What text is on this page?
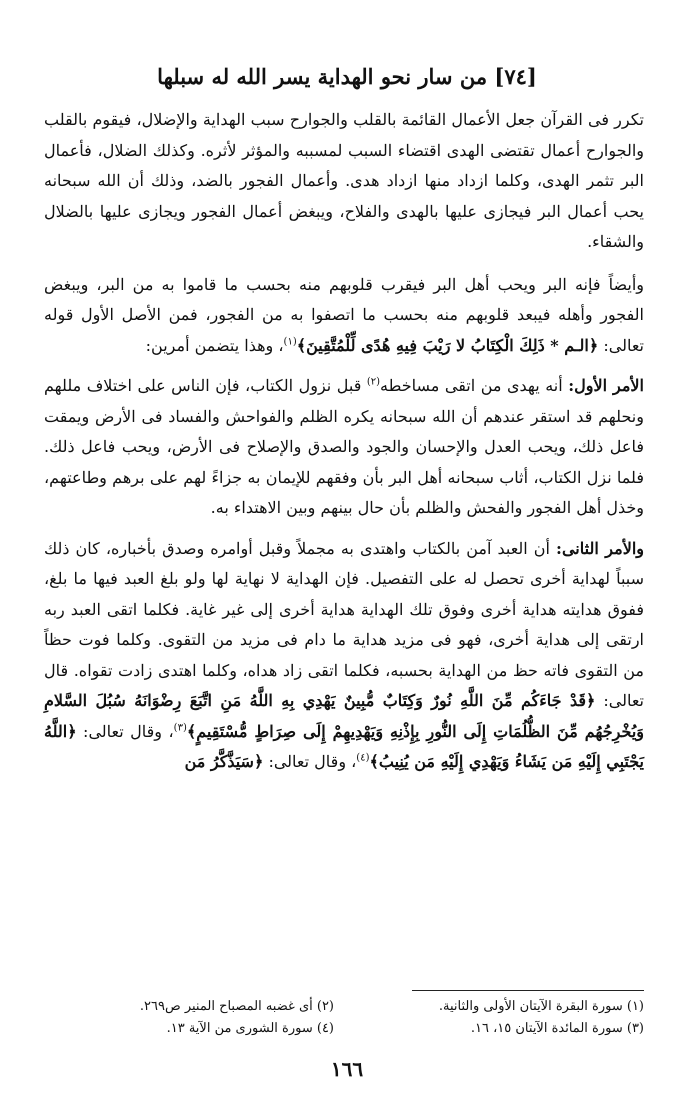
[٧٤] من سار نحو الهداية يسر الله له سبلها

تكرر فى القرآن جعل الأعمال القائمة بالقلب والجوارح سبب الهداية والإضلال، فيقوم بالقلب والجوارح أعمال تقتضى الهدى اقتضاء السبب لمسببه والمؤثر لأثره. وكذلك الضلال، فأعمال البر تثمر الهدى، وكلما ازداد منها ازداد هدى. وأعمال الفجور بالضد، وذلك أن الله سبحانه يحب أعمال البر فيجازى عليها بالهدى والفلاح، ويبغض أعمال الفجور ويجازى عليها بالضلال والشقاء.

وأيضاً فإنه البر ويحب أهل البر فيقرب قلوبهم منه بحسب ما قاموا به من البر، ويبغض الفجور وأهله فيبعد قلوبهم منه بحسب ما اتصفوا به من الفجور، فمن الأصل الأول قوله تعالى: ﴿الـم * ذَلِكَ الْكِتَابُ لا رَيْبَ فِيهِ هُدًى لِّلْمُتَّقِينَ﴾$^{(١)}$، وهذا يتضمن أمرين:

الأمر الأول: أنه يهدى من اتقى مساخطه$^{(٢)}$ قبل نزول الكتاب، فإن الناس على اختلاف مللهم ونحلهم قد استقر عندهم أن الله سبحانه يكره الظلم والفواحش والفساد فى الأرض ويمقت فاعل ذلك، ويحب العدل والإحسان والجود والصدق والإصلاح فى الأرض، ويحب فاعل ذلك. فلما نزل الكتاب، أثاب سبحانه أهل البر بأن وفقهم للإيمان به جزاءً لهم على برهم وطاعتهم، وخذل أهل الفجور والفحش والظلم بأن حال بينهم وبين الاهتداء به.

والأمر الثانى: أن العبد آمن بالكتاب واهتدى به مجملاً وقبل أوامره وصدق بأخباره، كان ذلك سبباً لهداية أخرى تحصل له على التفصيل. فإن الهداية لا نهاية لها ولو بلغ العبد فيها ما بلغ، ففوق هدايته هداية أخرى وفوق تلك الهداية هداية أخرى إلى غير غاية. فكلما اتقى العبد ربه ارتقى إلى هداية أخرى، فهو فى مزيد هداية ما دام فى مزيد من التقوى. وكلما فوت حظاً من التقوى فاته حظ من الهداية بحسبه، فكلما اتقى زاد هداه، وكلما اهتدى زادت تقواه. قال تعالى: ﴿قَدْ جَاءَكُم مِّنَ اللَّهِ نُورٌ وَكِتَابٌ مُّبِينٌ يَهْدِي بِهِ اللَّهُ مَنِ اتَّبَعَ رِضْوَانَهُ سُبُلَ السَّلامِ وَيُخْرِجُهُم مِّنَ الظُّلُمَاتِ إِلَى النُّورِ بِإِذْنِهِ وَيَهْدِيهِمْ إِلَى صِرَاطٍ مُّسْتَقِيمٍ﴾$^{(٣)}$، وقال تعالى: ﴿اللَّهُ يَجْتَبِي إِلَيْهِ مَن يَشَاءُ وَيَهْدِي إِلَيْهِ مَن يُنِيبُ﴾$^{(٤)}$، وقال تعالى: ﴿سَيَذَّكَّرُ مَن

(١) سورة البقرة الآيتان الأولى والثانية.
(٢) أى غضبه المصباح المنير ص٢٦٩.
(٣) سورة المائدة الآيتان ١٥، ١٦.
(٤) سورة الشورى من الآية ١٣.
١٦٦
